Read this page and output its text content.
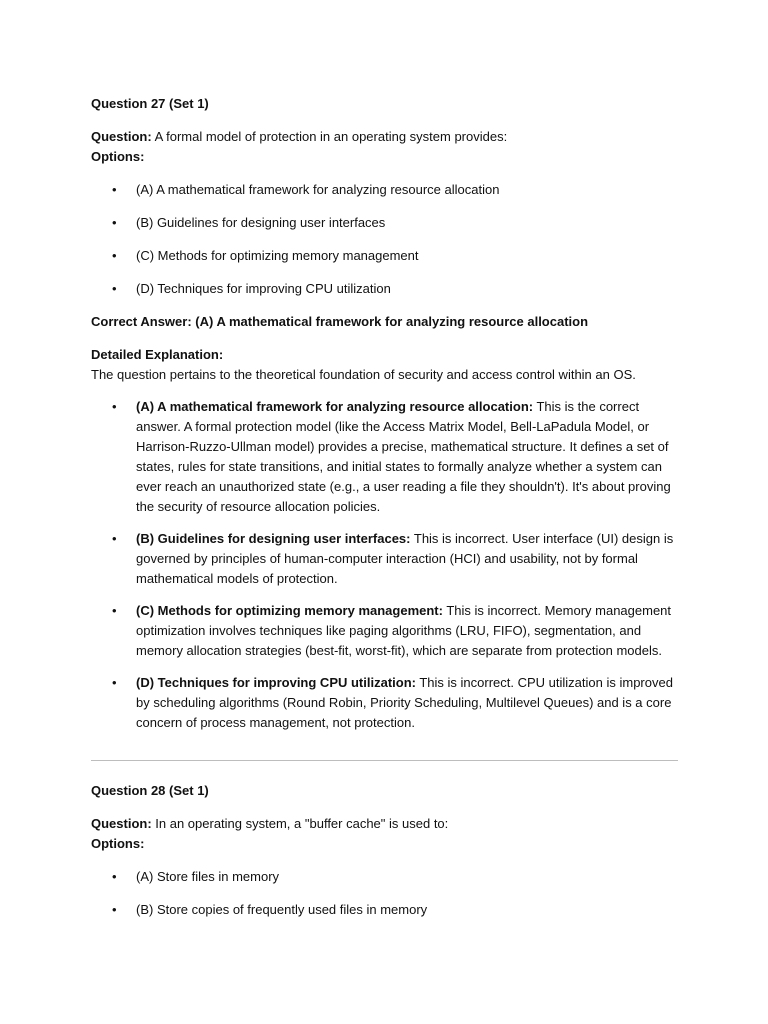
Question 27 (Set 1)

Question: A formal model of protection in an operating system provides:

Options:

• (A) A mathematical framework for analyzing resource allocation
• (B) Guidelines for designing user interfaces
• (C) Methods for optimizing memory management
• (D) Techniques for improving CPU utilization

Correct Answer: (A) A mathematical framework for analyzing resource allocation

Detailed Explanation:

The question pertains to the theoretical foundation of security and access control within an OS.

• (A) A mathematical framework for analyzing resource allocation: This is the correct answer. A formal protection model (like the Access Matrix Model, Bell-LaPadula Model, or Harrison-Ruzzo-Ullman model) provides a precise, mathematical structure. It defines a set of states, rules for state transitions, and initial states to formally analyze whether a system can ever reach an unauthorized state (e.g., a user reading a file they shouldn't). It's about proving the security of resource allocation policies.
• (B) Guidelines for designing user interfaces: This is incorrect. User interface (UI) design is governed by principles of human-computer interaction (HCI) and usability, not by formal mathematical models of protection.
• (C) Methods for optimizing memory management: This is incorrect. Memory management optimization involves techniques like paging algorithms (LRU, FIFO), segmentation, and memory allocation strategies (best-fit, worst-fit), which are separate from protection models.
• (D) Techniques for improving CPU utilization: This is incorrect. CPU utilization is improved by scheduling algorithms (Round Robin, Priority Scheduling, Multilevel Queues) and is a core concern of process management, not protection.

Question 28 (Set 1)

Question: In an operating system, a "buffer cache" is used to:

Options:

• (A) Store files in memory
• (B) Store copies of frequently used files in memory
